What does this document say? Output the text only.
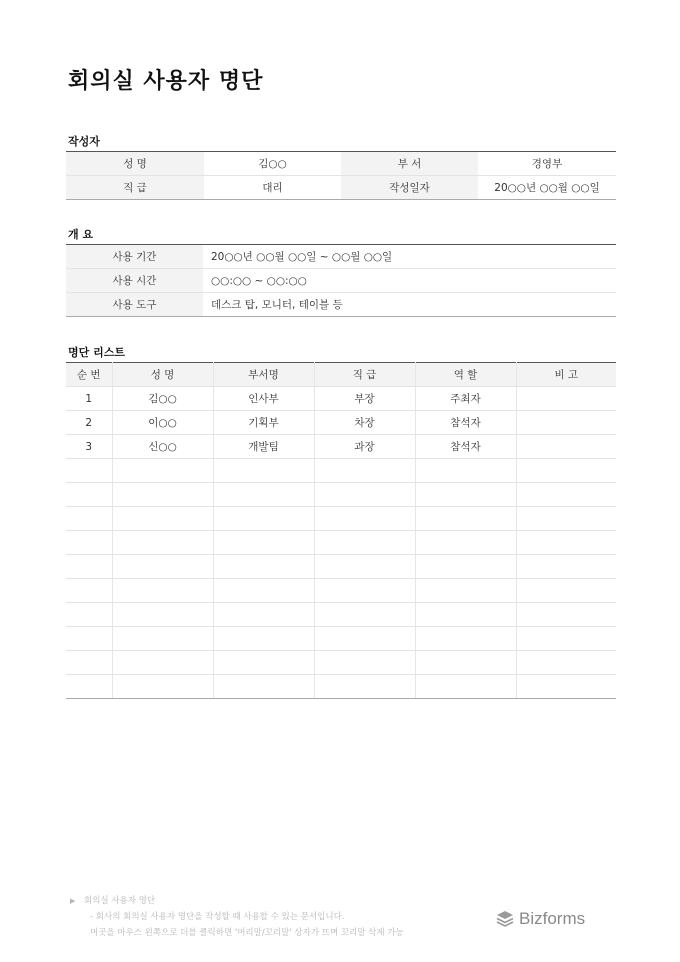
회의실 사용자 명단
작성자
성 명	김○○	부 서	경영부
직 급	대리	작성일자	20○○년 ○○월 ○○일
개 요
사용 기간	20○○년 ○○월 ○○일 ~ ○○월 ○○일
사용 시간	○○:○○ ~ ○○:○○
사용 도구	데스크 탑, 모니터, 테이블 등
명단 리스트
순 번	성 명	부서명	직 급	역 할	비 고
1	김○○	인사부	부장	주최자	
2	이○○	기획부	차장	참석자	
3	신○○	개발팀	과장	참석자	

▶ 회의실 사용자 명단
- 회사의 회의실 사용자 명단을 작성할 때 사용할 수 있는 문서입니다.
머곳을 마우스 왼쪽으로 더블 클릭하면 '머리말/꼬리말' 상자가 뜨며 꼬리말 삭제 가능
Bizforms
